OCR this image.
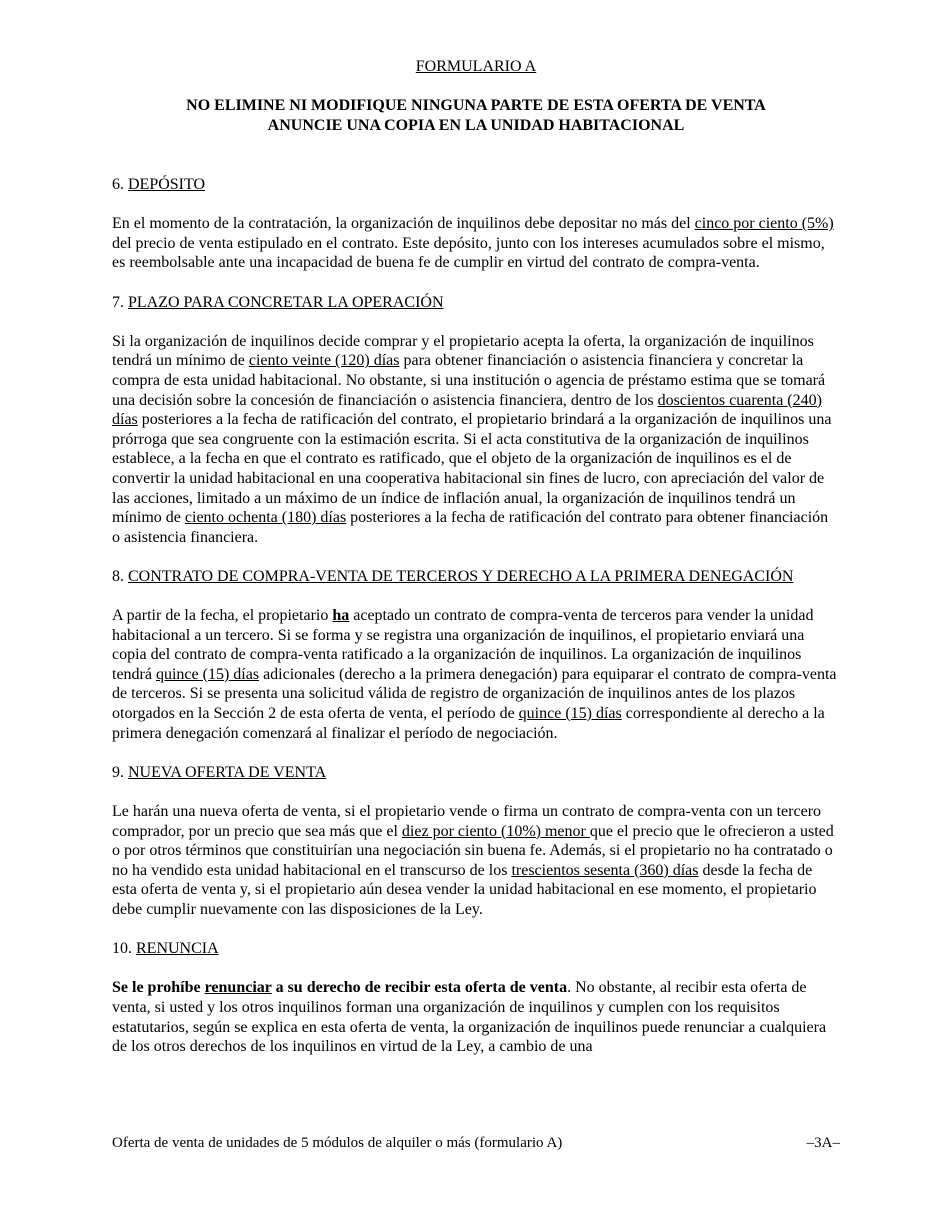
FORMULARIO A
NO ELIMINE NI MODIFIQUE NINGUNA PARTE DE ESTA OFERTA DE VENTA
ANUNCIE UNA COPIA EN LA UNIDAD HABITACIONAL
6. DEPÓSITO
En el momento de la contratación, la organización de inquilinos debe depositar no más del cinco por ciento (5%) del precio de venta estipulado en el contrato. Este depósito, junto con los intereses acumulados sobre el mismo, es reembolsable ante una incapacidad de buena fe de cumplir en virtud del contrato de compra-venta.
7. PLAZO PARA CONCRETAR LA OPERACIÓN
Si la organización de inquilinos decide comprar y el propietario acepta la oferta, la organización de inquilinos tendrá un mínimo de ciento veinte (120) días para obtener financiación o asistencia financiera y concretar la compra de esta unidad habitacional. No obstante, si una institución o agencia de préstamo estima que se tomará una decisión sobre la concesión de financiación o asistencia financiera, dentro de los doscientos cuarenta (240) días posteriores a la fecha de ratificación del contrato, el propietario brindará a la organización de inquilinos una prórroga que sea congruente con la estimación escrita. Si el acta constitutiva de la organización de inquilinos establece, a la fecha en que el contrato es ratificado, que el objeto de la organización de inquilinos es el de convertir la unidad habitacional en una cooperativa habitacional sin fines de lucro, con apreciación del valor de las acciones, limitado a un máximo de un índice de inflación anual, la organización de inquilinos tendrá un mínimo de ciento ochenta (180) días posteriores a la fecha de ratificación del contrato para obtener financiación o asistencia financiera.
8. CONTRATO DE COMPRA-VENTA DE TERCEROS Y DERECHO A LA PRIMERA DENEGACIÓN
A partir de la fecha, el propietario ha aceptado un contrato de compra-venta de terceros para vender la unidad habitacional a un tercero. Si se forma y se registra una organización de inquilinos, el propietario enviará una copia del contrato de compra-venta ratificado a la organización de inquilinos. La organización de inquilinos tendrá quince (15) días adicionales (derecho a la primera denegación) para equiparar el contrato de compra-venta de terceros. Si se presenta una solicitud válida de registro de organización de inquilinos antes de los plazos otorgados en la Sección 2 de esta oferta de venta, el período de quince (15) días correspondiente al derecho a la primera denegación comenzará al finalizar el período de negociación.
9. NUEVA OFERTA DE VENTA
Le harán una nueva oferta de venta, si el propietario vende o firma un contrato de compra-venta con un tercero comprador, por un precio que sea más que el diez por ciento (10%) menor que el precio que le ofrecieron a usted o por otros términos que constituirían una negociación sin buena fe. Además, si el propietario no ha contratado o no ha vendido esta unidad habitacional en el transcurso de los trescientos sesenta (360) días desde la fecha de esta oferta de venta y, si el propietario aún desea vender la unidad habitacional en ese momento, el propietario debe cumplir nuevamente con las disposiciones de la Ley.
10. RENUNCIA
Se le prohíbe renunciar a su derecho de recibir esta oferta de venta. No obstante, al recibir esta oferta de venta, si usted y los otros inquilinos forman una organización de inquilinos y cumplen con los requisitos estatutarios, según se explica en esta oferta de venta, la organización de inquilinos puede renunciar a cualquiera de los otros derechos de los inquilinos en virtud de la Ley, a cambio de una
Oferta de venta de unidades de 5 módulos de alquiler o más (formulario A)	–3A–
